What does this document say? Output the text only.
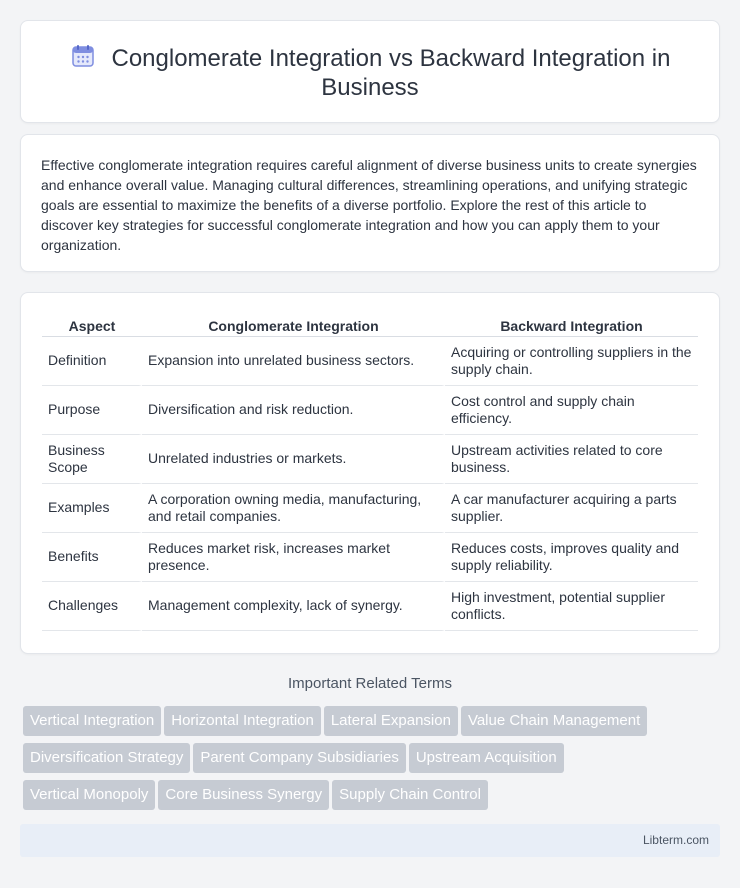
Conglomerate Integration vs Backward Integration in Business

Effective conglomerate integration requires careful alignment of diverse business units to create synergies and enhance overall value. Managing cultural differences, streamlining operations, and unifying strategic goals are essential to maximize the benefits of a diverse portfolio. Explore the rest of this article to discover key strategies for successful conglomerate integration and how you can apply them to your organization.

Aspect	Conglomerate Integration	Backward Integration
Definition	Expansion into unrelated business sectors.	Acquiring or controlling suppliers in the supply chain.
Purpose	Diversification and risk reduction.	Cost control and supply chain efficiency.
Business Scope	Unrelated industries or markets.	Upstream activities related to core business.
Examples	A corporation owning media, manufacturing, and retail companies.	A car manufacturer acquiring a parts supplier.
Benefits	Reduces market risk, increases market presence.	Reduces costs, improves quality and supply reliability.
Challenges	Management complexity, lack of synergy.	High investment, potential supplier conflicts.
Important Related Terms
Vertical Integration Horizontal Integration Lateral Expansion Value Chain Management
Diversification Strategy Parent Company Subsidiaries Upstream Acquisition
Vertical Monopoly Core Business Synergy Supply Chain Control
Libterm.com
